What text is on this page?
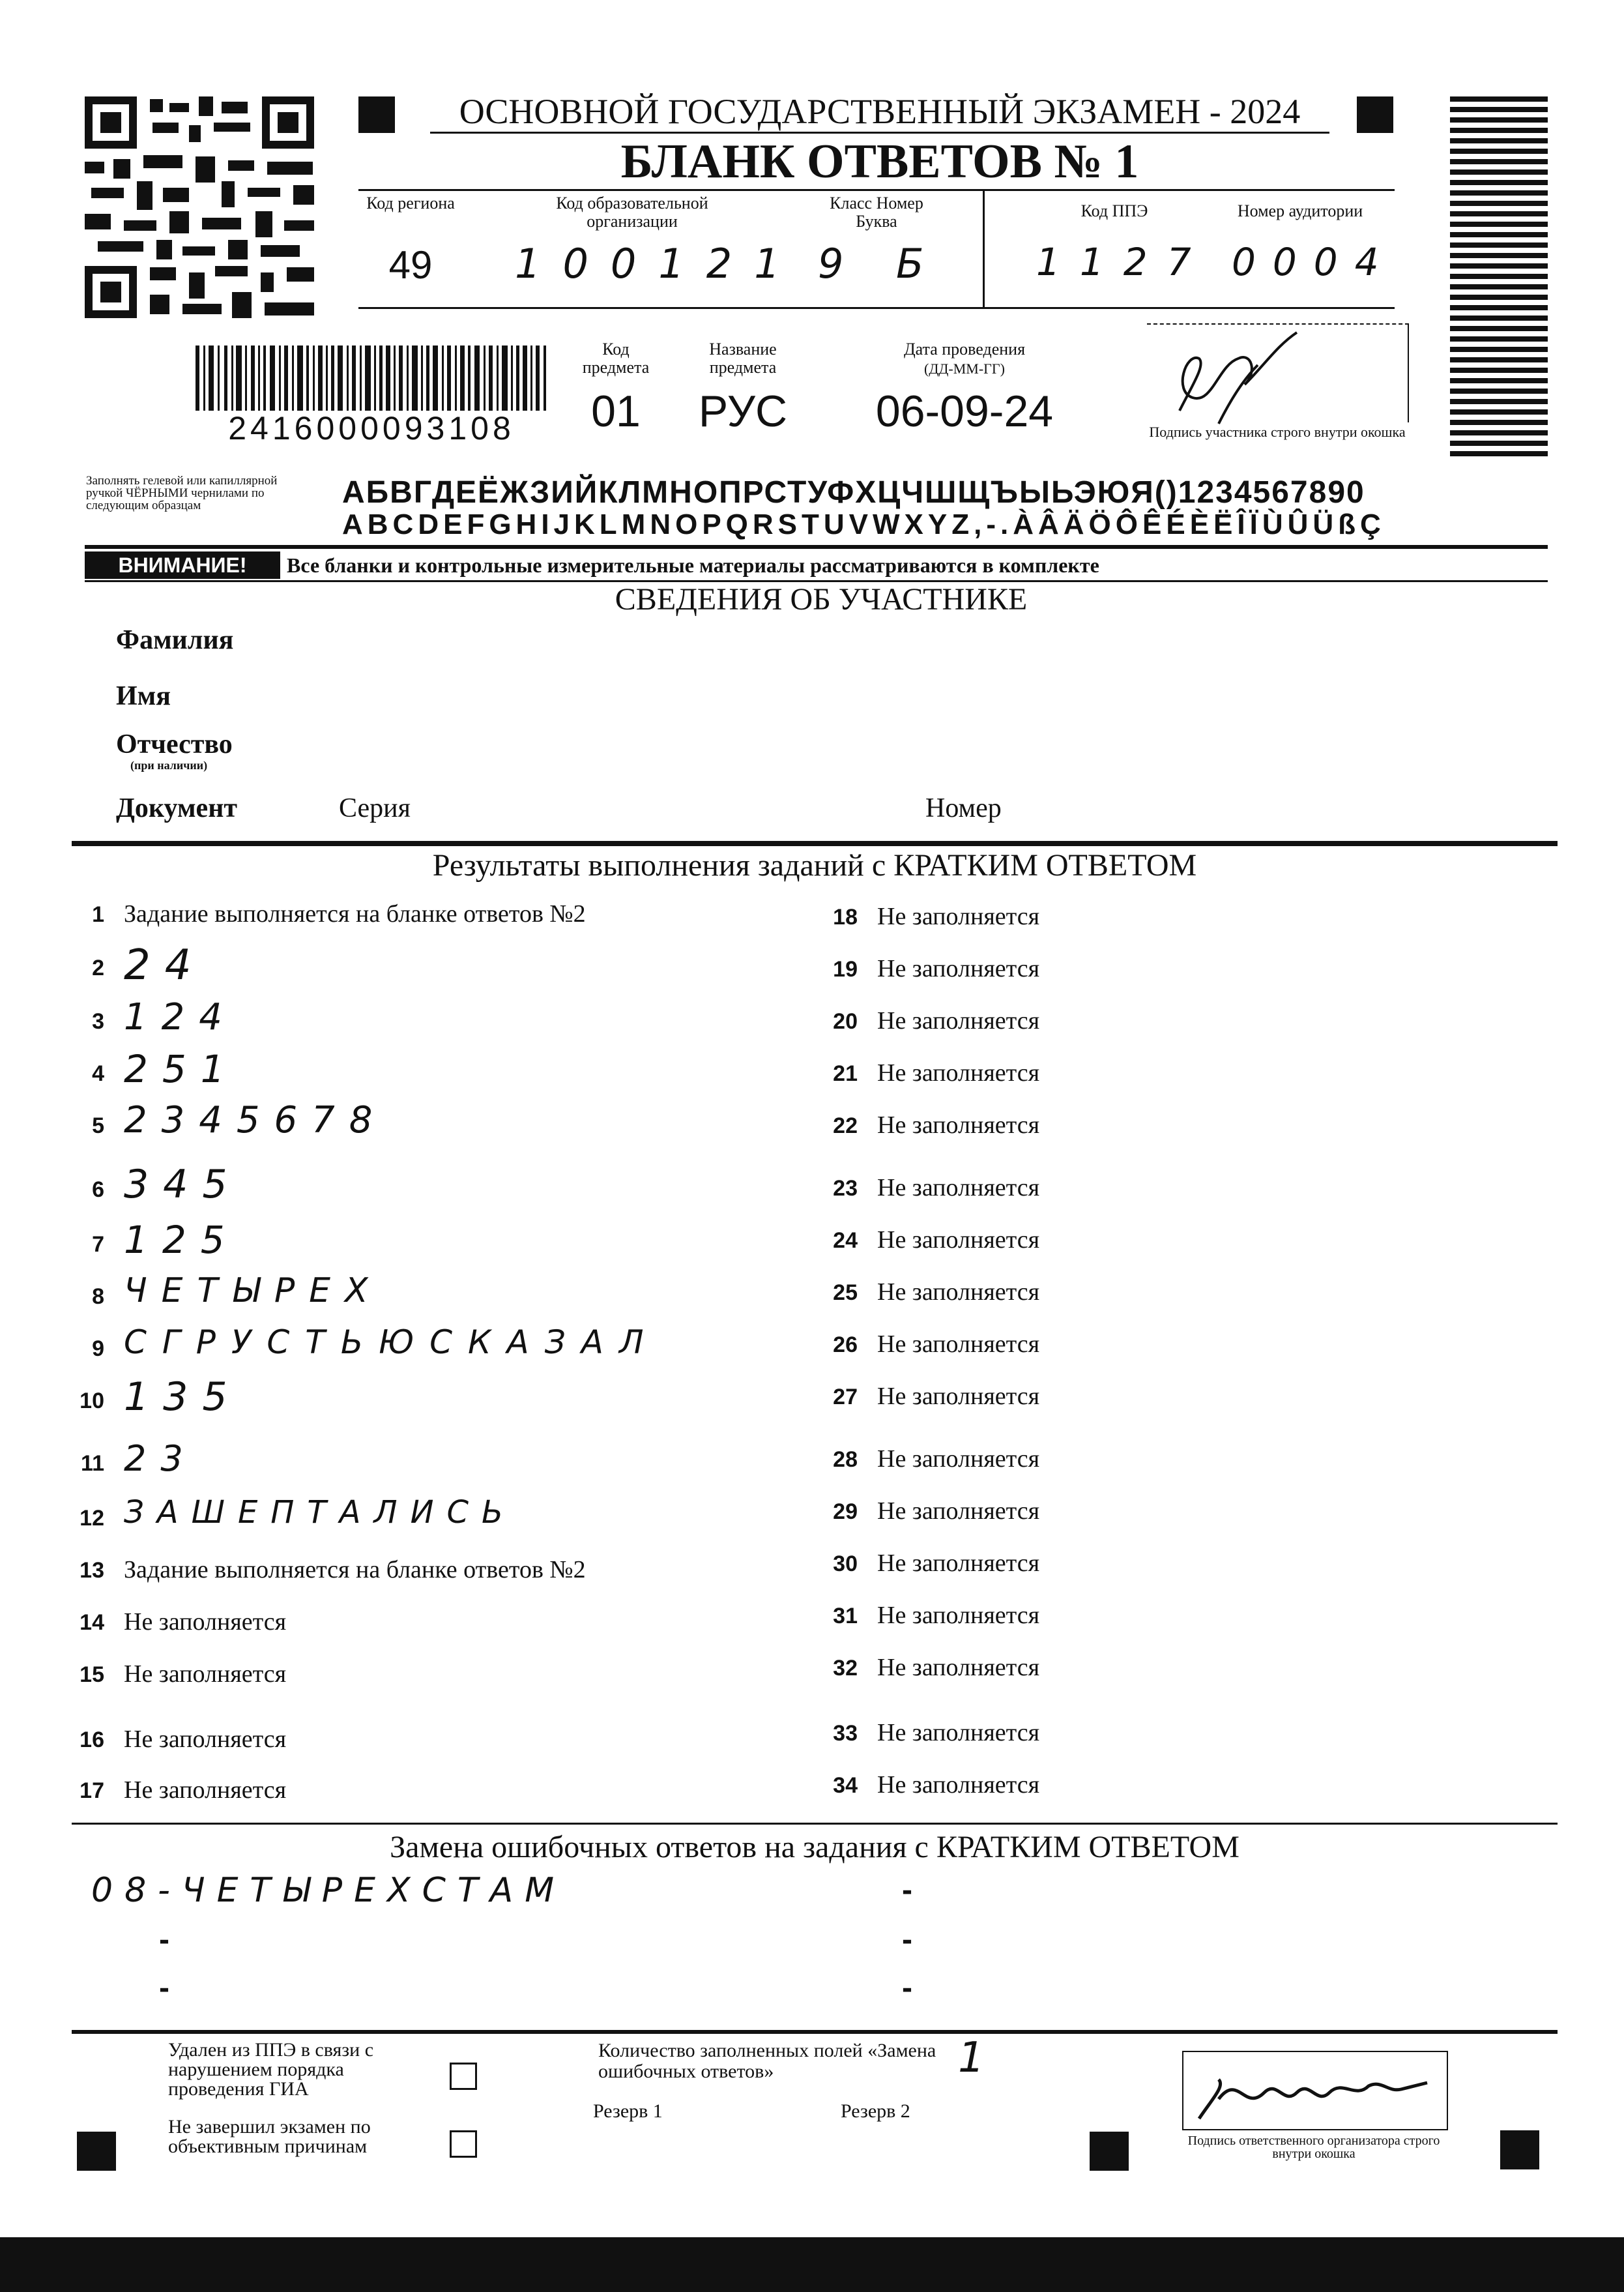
ОСНОВНОЙ ГОСУДАРСТВЕННЫЙ ЭКЗАМЕН - 2024
БЛАНК ОТВЕТОВ № 1
Код региона
49
Код образовательной организации
100121
Класс Номер Буква
9 Б
Код ППЭ
1127
Номер аудитории
0004
2416000093108
Код предмета
01
Название предмета
РУС
Дата проведения
(ДД-ММ-ГГ)
06-09-24	Подпись участника строго внутри окошка
Заполнять гелевой или капиллярной ручкой ЧЁРНЫМИ чернилами по следующим образцам	АБВГДЕЁЖЗИЙКЛМНОПРСТУФХЦЧШЩЪЫЬЭЮЯ()1234567890
ABCDEFGHIJKLMNOPQRSTUVWXYZ,-.ÀÂÄÖÔÊÉÈËÎÏÙÛÜßÇ
ВНИМАНИЕ!	Все бланки и контрольные измерительные материалы рассматриваются в комплекте
СВЕДЕНИЯ ОБ УЧАСТНИКЕ
Фамилия
Имя
Отчество
(при наличии)
Документ	Серия	Номер
Результаты выполнения заданий с КРАТКИМ ОТВЕТОМ
1 Задание выполняется на бланке ответов №2
2 24
3 124
4 251
5 2345678
6 345
7 125
8 ЧЕТЫРЕХ
9 СГРУСТЬЮСКАЗАЛ
10 135
11 23
12 ЗАШЕПТАЛИСЬ
13 Задание выполняется на бланке ответов №2
14 Не заполняется
15 Не заполняется
16 Не заполняется
17 Не заполняется
18 Не заполняется
19 Не заполняется
20 Не заполняется
21 Не заполняется
22 Не заполняется
23 Не заполняется
24 Не заполняется
25 Не заполняется
26 Не заполняется
27 Не заполняется
28 Не заполняется
29 Не заполняется
30 Не заполняется
31 Не заполняется
32 Не заполняется
33 Не заполняется
34 Не заполняется
Замена ошибочных ответов на задания с КРАТКИМ ОТВЕТОМ
08-ЧЕТЫРЕХСТАМ	-
-	-
-	-
Удален из ППЭ в связи с нарушением порядка проведения ГИА
Не завершил экзамен по объективным причинам
Количество заполненных полей «Замена ошибочных ответов»	1
Резерв 1	Резерв 2
Подпись ответственного организатора строго внутри окошка
